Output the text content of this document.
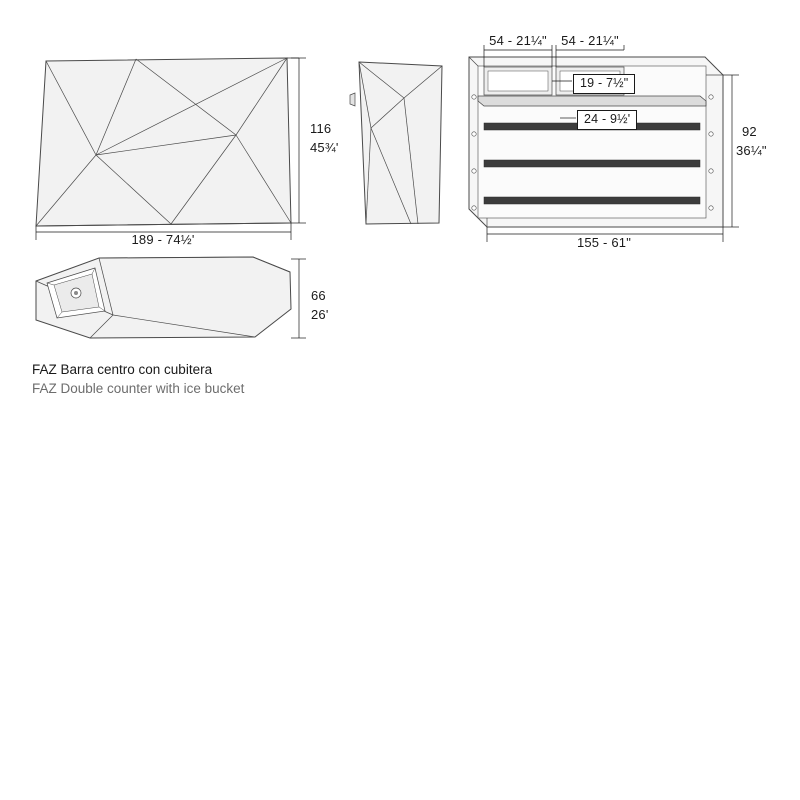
189 - 74½'
116
45¾'

66
26'
54 - 21¼" 54 - 21¼"
19 - 7½"
24 - 9½'
155 - 61"
92
36¼"
FAZ Barra centro con cubitera
FAZ Double counter with ice bucket
